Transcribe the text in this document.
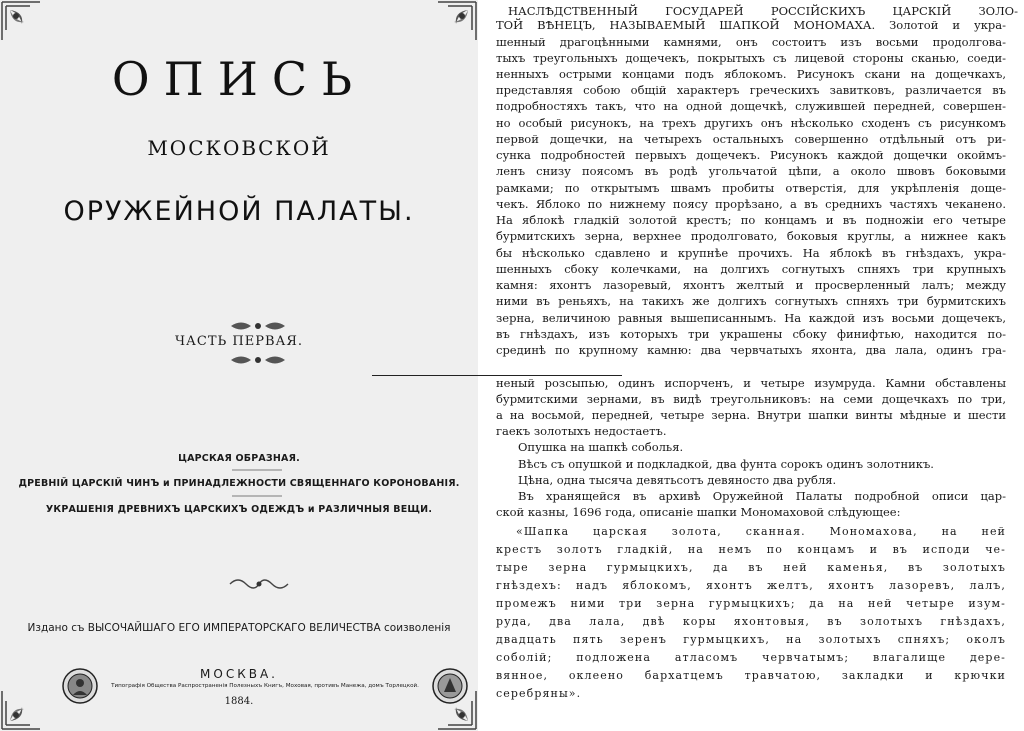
ОПИСЬ
МОСКОВСКОЙ
ОРУЖЕЙНОЙ ПАЛАТЫ.
ЧАСТЬ ПЕРВАЯ.
ЦАРСКАЯ ОБРАЗНАЯ.
ДРЕВНІЙ ЦАРСКІЙ ЧИНЪ и ПРИНАДЛЕЖНОСТИ СВЯЩЕННАГО КОРОНОВАНІЯ.
УКРАШЕНІЯ ДРЕВНИХЪ ЦАРСКИХЪ ОДЕЖДЪ и РАЗЛИЧНЫЯ ВЕЩИ.
Издано съ ВЫСОЧАЙШАГО ЕГО ИМПЕРАТОРСКАГО ВЕЛИЧЕСТВА соизволенія
МОСКВА.
Типографія Общества Распространенія Полезныхъ Книгъ, Моховая, противъ Манежа, домъ Торлецкой.
1884.
НАСЛѢДСТВЕННЫЙ ГОСУДАРЕЙ РОССІЙСКИХЪ ЦАРСКІЙ ЗОЛО-
ТОЙ ВѢНЕЦЪ, НАЗЫВАЕМЫЙ ШАПКОЙ МОНОМАХА. Золотой и укра-
шенный драгоцѣнными камнями, онъ состоитъ изъ восьми продолговa-
тыхъ треугольныхъ дощечекъ, покрытыхъ съ лицевой стороны сканью, соеди-
ненныхъ острыми концами подъ яблокомъ. Рисунокъ скани на дощечкахъ,
представляя собою общій характеръ греческихъ завитковъ, различается въ
подробностяхъ такъ, что на одной дощечкѣ, служившей передней, совершен-
но особый рисунокъ, на трехъ другихъ онъ нѣсколько сходенъ съ рисункомъ
первой дощечки, на четырехъ остальныхъ совершенно отдѣльный отъ ри-
сунка подробностей первыхъ дощечекъ. Рисунокъ каждой дощечки окоймъ-
ленъ снизу поясомъ въ родѣ угольчатой цѣпи, а около швовъ боковыми
рамками; по открытымъ швамъ пробиты отверстія, для укрѣпленія доще-
чекъ. Яблоко по нижнему поясу прорѣзано, а въ среднихъ частяхъ чеканено.
На яблокѣ гладкій золотой крестъ; по концамъ и въ подножіи его четыре
бурмитскихъ зерна, верхнее продолговато, боковыя круглы, а нижнее какъ
бы нѣсколько сдавлено и крупнѣе прочихъ. На яблокѣ въ гнѣздахъ, укра-
шенныхъ сбоку колечками, на долгихъ согнутыхъ спняхъ три крупныхъ
камня: яхонтъ лазоревый, яхонтъ желтый и просверленный лалъ; между
ними въ реньяхъ, на такихъ же долгихъ согнутыхъ спняхъ три бурмитскихъ
зерна, величиною равныя вышеписаннымъ. На каждой изъ восьми дощечекъ,
въ гнѣздахъ, изъ которыхъ три украшены сбоку финифтью, находится по-
срединѣ по крупному камню: два червчатыхъ яхонта, два лала, одинъ гра-
неный розсыпью, одинъ испорченъ, и четыре изумруда. Камни обставлены
бурмитскими зернами, въ видѣ треугольниковъ: на семи дощечкахъ по три,
а на восьмой, передней, четыре зерна. Внутри шапки винты мѣдные и шести
гаекъ золотыхъ недостаетъ.
Опушка на шапкѣ соболья.
Вѣсъ съ опушкой и подкладкой, два фунта сорокъ одинъ золотникъ.
Цѣна, одна тысяча девятьсотъ девяносто два рубля.
Въ хранящейся въ архивѣ Оружейной Палаты подробной описи цар-
ской казны, 1696 года, описаніе шапки Мономаховой слѣдующее:
«Шапка царская золота, сканная. Мономахова, на ней
крестъ золотъ гладкій, на немъ по концамъ и въ исподи че-
тыре зерна гурмыцкихъ, да въ ней каменья, въ золотыхъ
гнѣздехъ: надъ яблокомъ, яхонтъ желтъ, яхонтъ лазоревъ, лалъ,
промежъ ними три зерна гурмыцкихъ; да на ней четыре изум-
руда, два лала, двѣ коры яхонтовыя, въ золотыхъ гнѣздахъ,
двадцать пять зеренъ гурмыцкихъ, на золотыхъ спняхъ; околъ
соболій; подложена атласомъ червчатымъ; влагалище дере-
вянное, оклеено бархатцемъ травчатою, закладки и крючки
серебряны».
